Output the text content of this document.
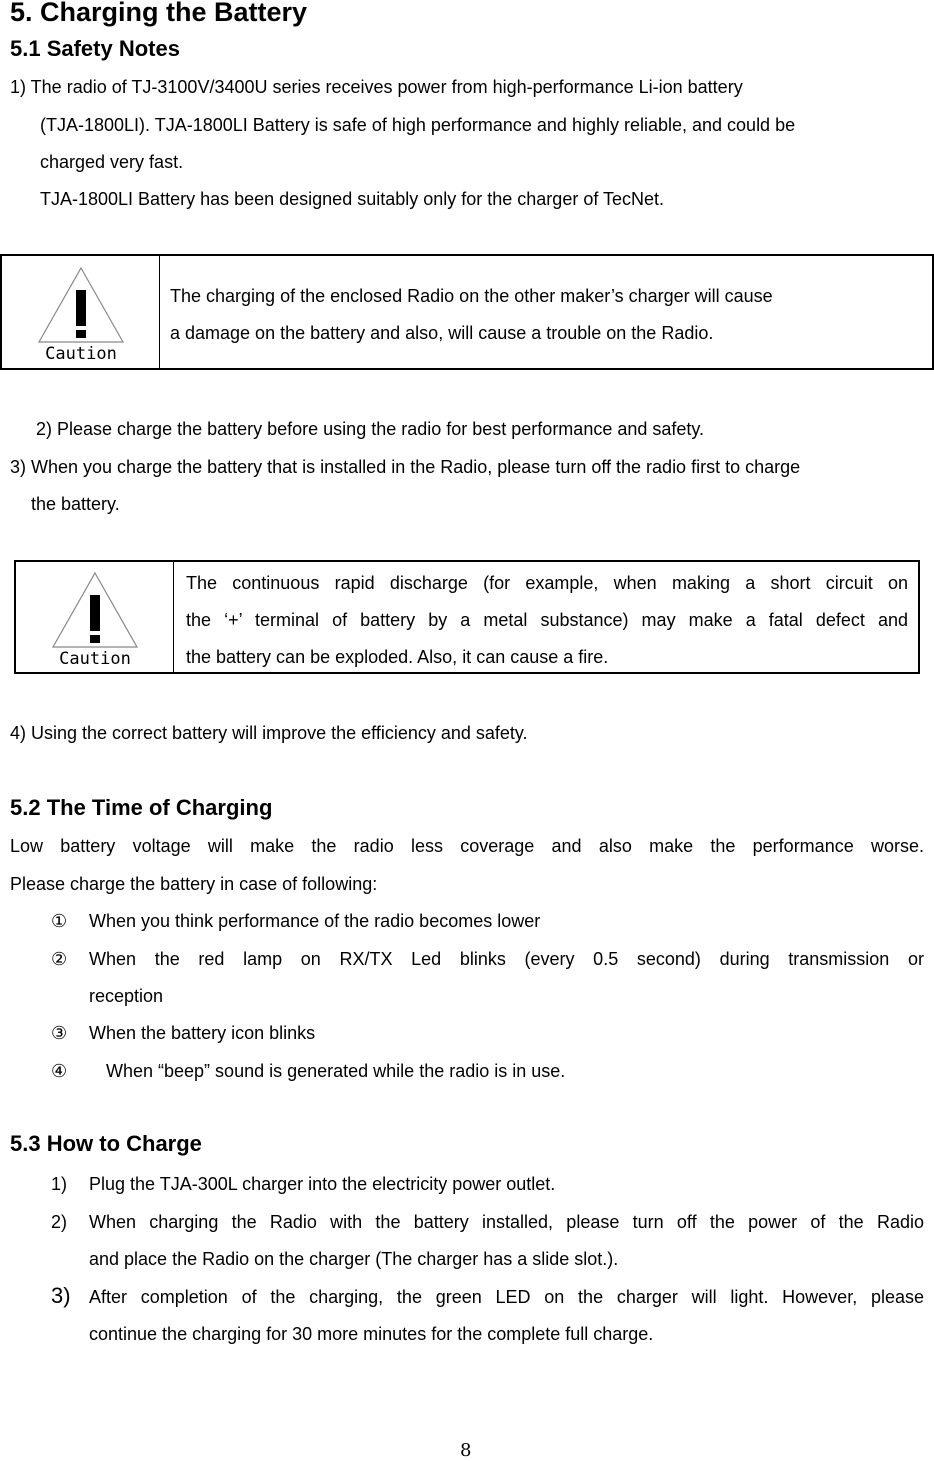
5. Charging the Battery
5.1 Safety Notes
1) The radio of TJ-3100V/3400U series receives power from high-performance Li-ion battery
(TJA-1800LI). TJA-1800LI Battery is safe of high performance and highly reliable, and could be
charged very fast.
TJA-1800LI Battery has been designed suitably only for the charger of TecNet.
Caution
The charging of the enclosed Radio on the other maker’s charger will cause
a damage on the battery and also, will cause a trouble on the Radio.
2) Please charge the battery before using the radio for best performance and safety.
3) When you charge the battery that is installed in the Radio, please turn off the radio first to charge
the battery.
Caution
The continuous rapid discharge (for example, when making a short circuit on
the ‘+’ terminal of battery by a metal substance) may make a fatal defect and
the battery can be exploded. Also, it can cause a fire.
4) Using the correct battery will improve the efficiency and safety.
5.2 The Time of Charging
Low battery voltage will make the radio less coverage and also make the performance worse.
Please charge the battery in case of following:
① When you think performance of the radio becomes lower
② When the red lamp on RX/TX Led blinks (every 0.5 second) during transmission or
reception
③ When the battery icon blinks
④ When “beep” sound is generated while the radio is in use.
5.3 How to Charge
1) Plug the TJA-300L charger into the electricity power outlet.
2) When charging the Radio with the battery installed, please turn off the power of the Radio
and place the Radio on the charger (The charger has a slide slot.).
3) After completion of the charging, the green LED on the charger will light. However, please
continue the charging for 30 more minutes for the complete full charge.
8
